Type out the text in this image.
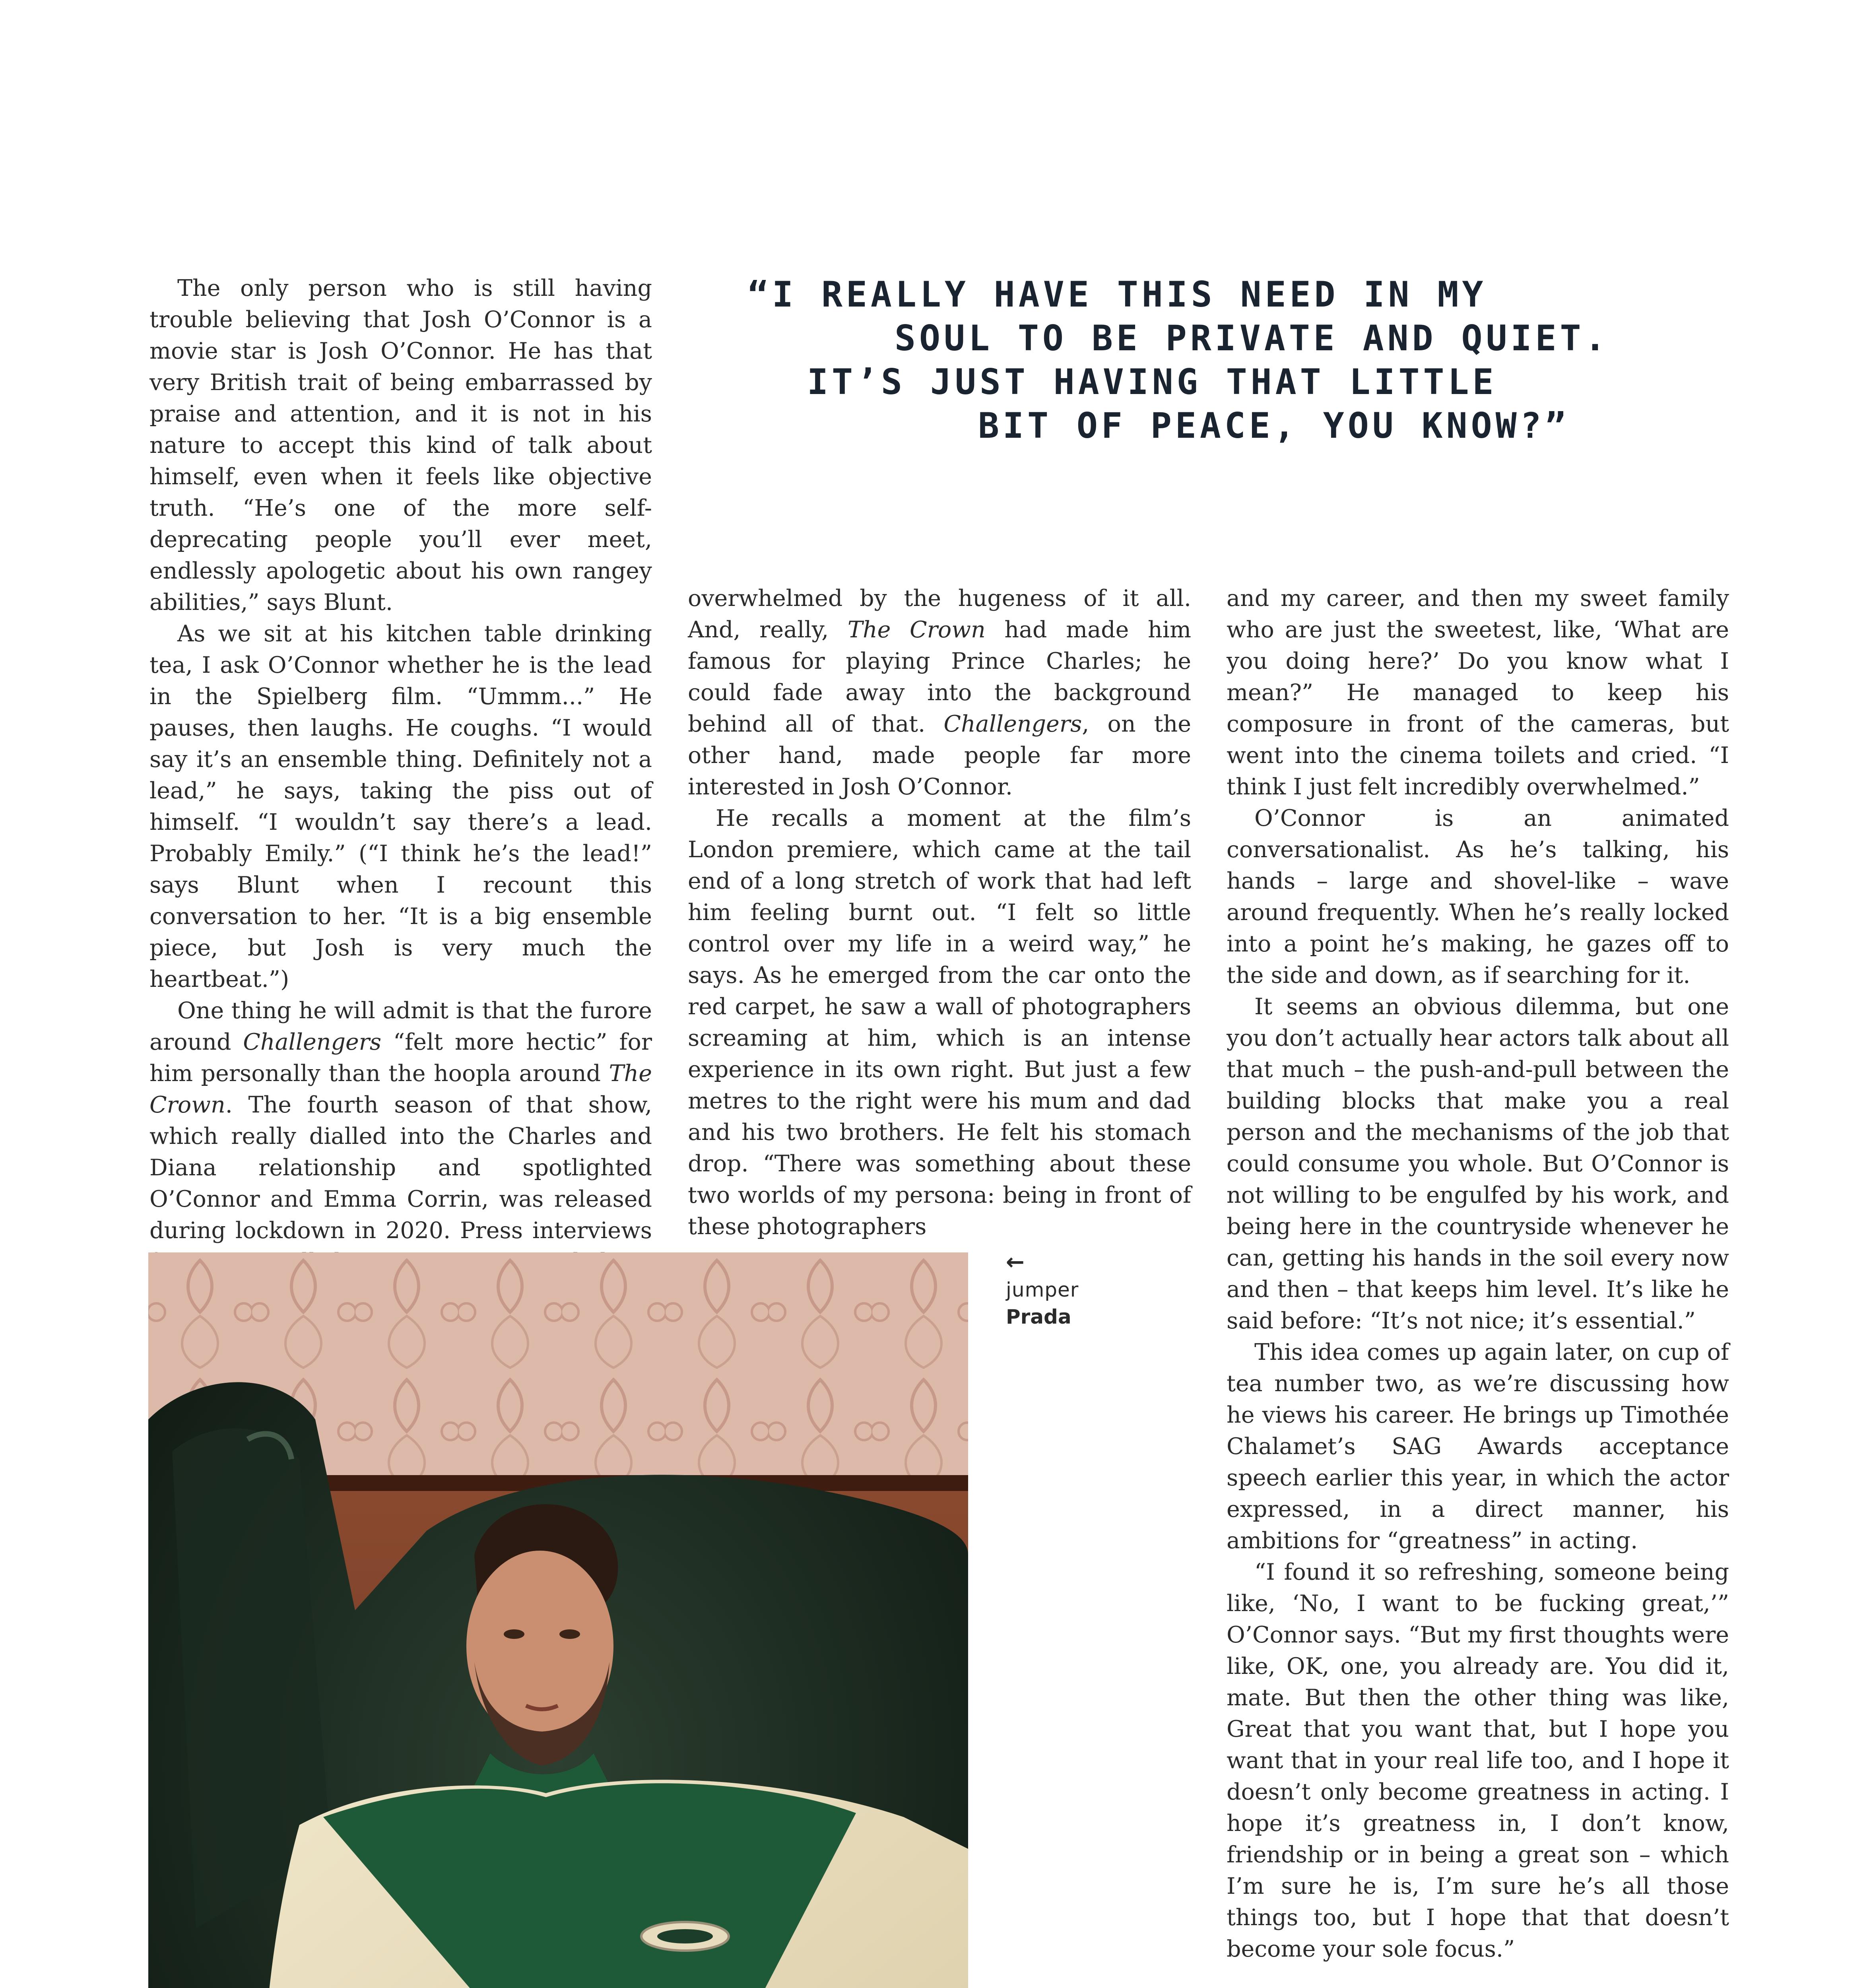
“I REALLY HAVE THIS NEED IN MY
SOUL TO BE PRIVATE AND QUIET.
IT’S JUST HAVING THAT LITTLE
BIT OF PEACE, YOU KNOW?”

The only person who is still having trouble believing that Josh O’Connor is a movie star is Josh O’Connor. He has that very British trait of being embarrassed by praise and attention, and it is not in his nature to accept this kind of talk about himself, even when it feels like objective truth. “He’s one of the more self-deprecating people you’ll ever meet, endlessly apologetic about his own rangey abilities,” says Blunt.

As we sit at his kitchen table drinking tea, I ask O’Connor whether he is the lead in the Spielberg film. “Ummm...” He pauses, then laughs. He coughs. “I would say it’s an ensemble thing. Definitely not a lead,” he says, taking the piss out of himself. “I wouldn’t say there’s a lead. Probably Emily.” (“I think he’s the lead!” says Blunt when I recount this conversation to her. “It is a big ensemble piece, but Josh is very much the heartbeat.”)

One thing he will admit is that the furore around Challengers “felt more hectic” for him personally than the hoopla around The Crown. The fourth season of that show, which really dialled into the Charles and Diana relationship and spotlighted O’Connor and Emma Corrin, was released during lockdown in 2020. Press interviews

overwhelmed by the hugeness of it all. And, really, The Crown had made him famous for playing Prince Charles; he could fade away into the background behind all of that. Challengers, on the other hand, made people far more interested in Josh O’Connor.

He recalls a moment at the film’s London premiere, which came at the tail end of a long stretch of work that had left him feeling burnt out. “I felt so little control over my life in a weird way,” he says. As he emerged from the car onto the red carpet, he saw a wall of photographers screaming at him, which is an intense experience in its own right. But just a few metres to the right were his mum and dad and his two brothers. He felt his stomach drop. “There was something about these two worlds of my persona: being in front of these photographers

and my career, and then my sweet family who are just the sweetest, like, ‘What are you doing here?’ Do you know what I mean?” He managed to keep his composure in front of the cameras, but went into the cinema toilets and cried. “I think I just felt incredibly overwhelmed.”

O’Connor is an animated conversationalist. As he’s talking, his hands – large and shovel-like – wave around frequently. When he’s really locked into a point he’s making, he gazes off to the side and down, as if searching for it.

It seems an obvious dilemma, but one you don’t actually hear actors talk about all that much – the push-and-pull between the building blocks that make you a real person and the mechanisms of the job that could consume you whole. But O’Connor is not willing to be engulfed by his work, and being here in the countryside whenever he can, getting his hands in the soil every now and then – that keeps him level. It’s like he said before: “It’s not nice; it’s essential.”

This idea comes up again later, on cup of tea number two, as we’re discussing how he views his career. He brings up Timothée Chalamet’s SAG Awards acceptance speech earlier this year, in which the actor expressed, in a direct manner, his ambitions for “greatness” in acting.

“I found it so refreshing, someone being like, ‘No, I want to be fucking great,’” O’Connor says. “But my first thoughts were like, OK, one, you already are. You did it, mate. But then the other thing was like, Great that you want that, but I hope you want that in your real life too, and I hope it doesn’t only become greatness in acting. I hope it’s greatness in, I don’t know, friendship or in being a great son – which I’m sure he is, I’m sure he’s all those things too, but I hope that that doesn’t become your sole focus.”

←
jumper
Prada
